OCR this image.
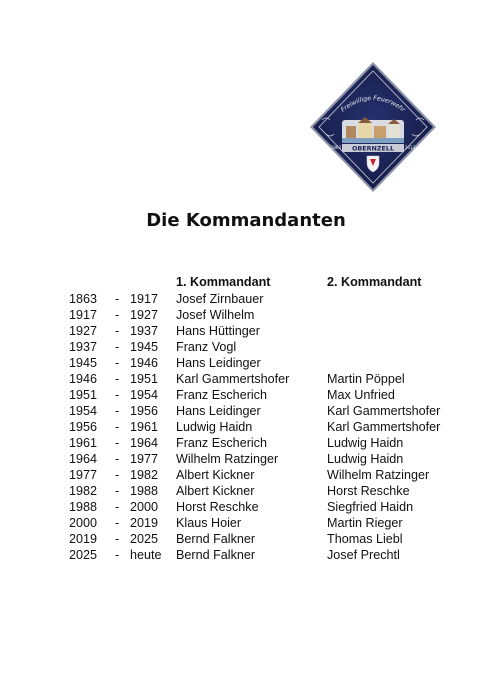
Freiwillige Feuerwehr
OBERNZELL
1863	2013
Die Kommandanten
			1. Kommandant	2. Kommandant
1863	-	1917	Josef Zirnbauer	
1917	-	1927	Josef Wilhelm	
1927	-	1937	Hans Hüttinger	
1937	-	1945	Franz Vogl	
1945	-	1946	Hans Leidinger	
1946	-	1951	Karl Gammertshofer	Martin Pöppel
1951	-	1954	Franz Escherich	Max Unfried
1954	-	1956	Hans Leidinger	Karl Gammertshofer
1956	-	1961	Ludwig Haidn	Karl Gammertshofer
1961	-	1964	Franz Escherich	Ludwig Haidn
1964	-	1977	Wilhelm Ratzinger	Ludwig Haidn
1977	-	1982	Albert Kickner	Wilhelm Ratzinger
1982	-	1988	Albert Kickner	Horst Reschke
1988	-	2000	Horst Reschke	Siegfried Haidn
2000	-	2019	Klaus Hoier	Martin Rieger
2019	-	2025	Bernd Falkner	Thomas Liebl
2025	-	heute	Bernd Falkner	Josef Prechtl
